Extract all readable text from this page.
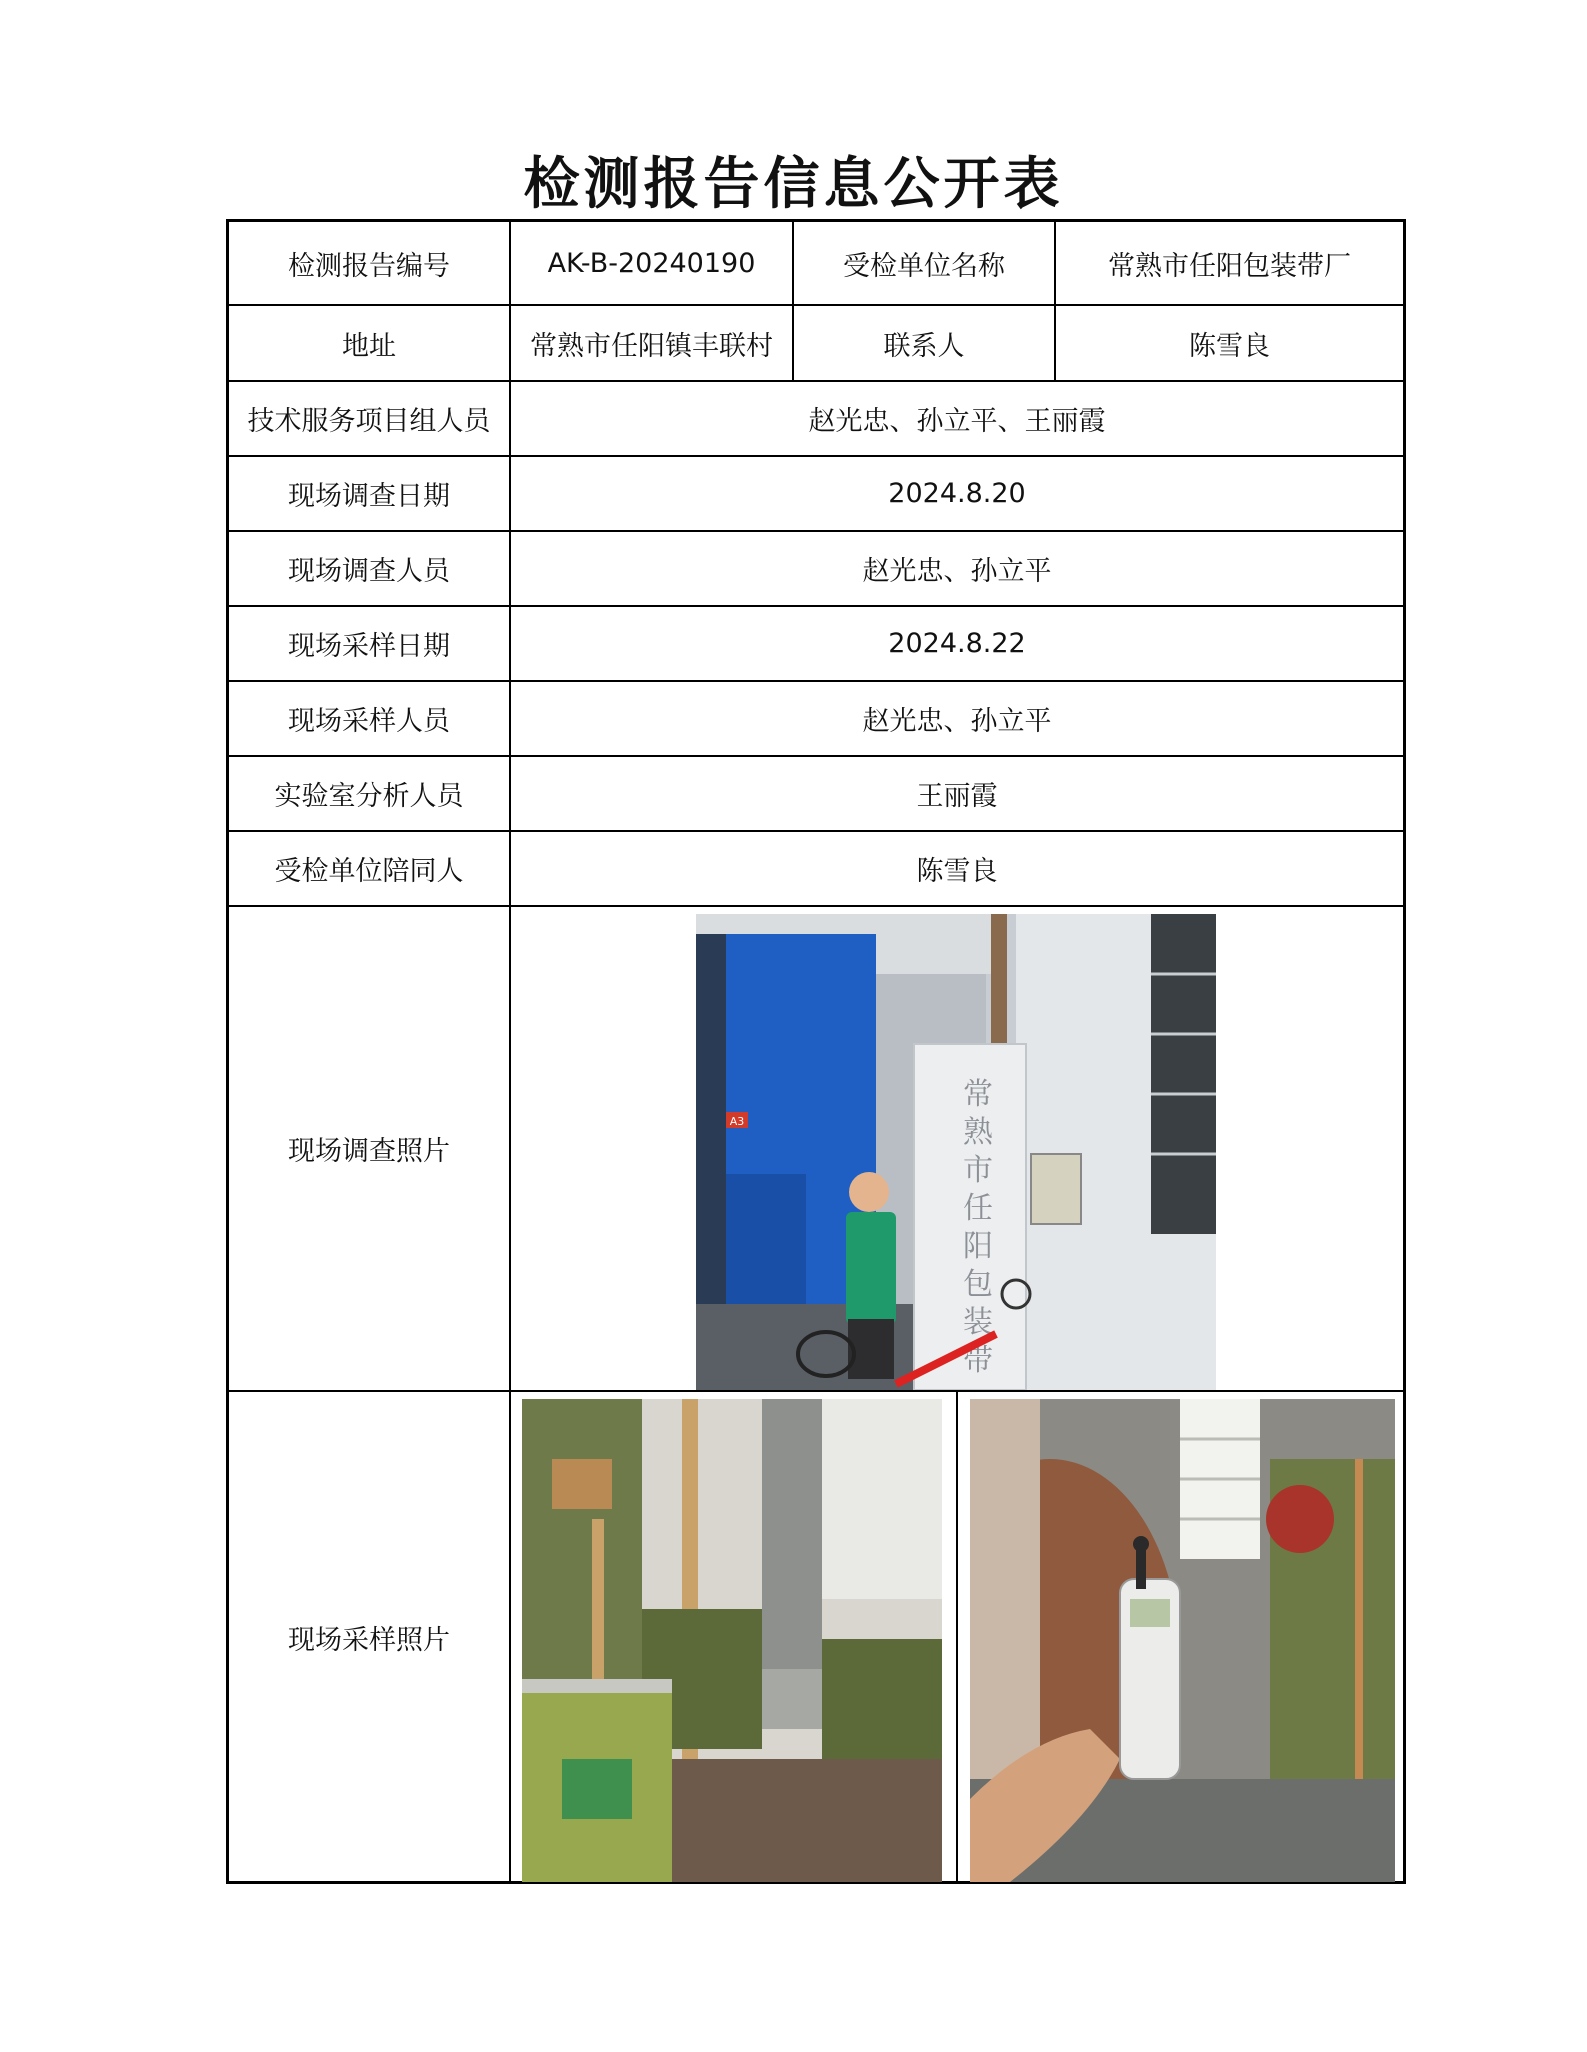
检测报告信息公开表
检测报告编号	AK-B-20240190	受检单位名称	常熟市任阳包装带厂
地址	常熟市任阳镇丰联村	联系人	陈雪良
技术服务项目组人员	赵光忠、孙立平、王丽霞
现场调查日期	2024.8.20
现场调查人员	赵光忠、孙立平
现场采样日期	2024.8.22
现场采样人员	赵光忠、孙立平
实验室分析人员	王丽霞
受检单位陪同人	陈雪良
现场调查照片
现场采样照片
常
熟
市
任
阳
包
装
带
A3
